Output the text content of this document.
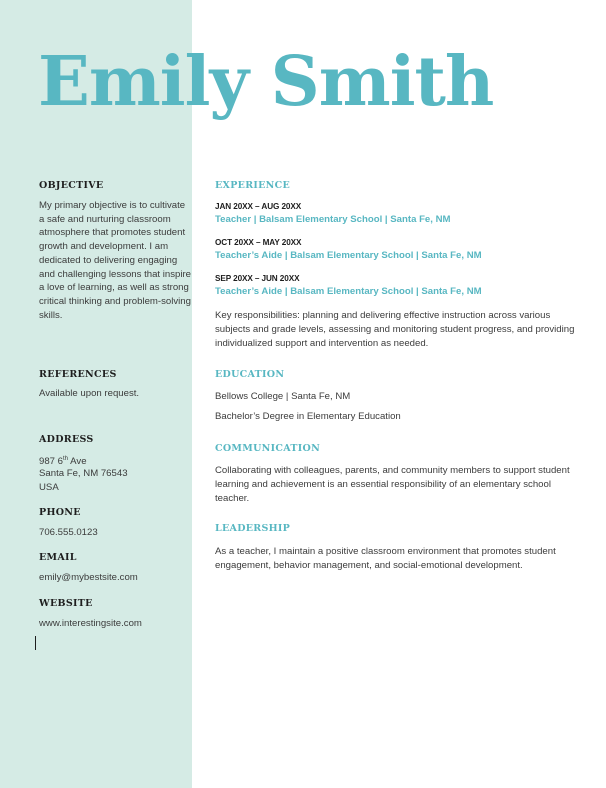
Emily Smith
OBJECTIVE

My primary objective is to cultivate a safe and nurturing classroom atmosphere that promotes student growth and development. I am dedicated to delivering engaging and challenging lessons that inspire a love of learning, as well as strong critical thinking and problem-solving skills.

REFERENCES

Available upon request.

ADDRESS

987 6th Ave

Santa Fe, NM 76543

USA

PHONE

706.555.0123

EMAIL

emily@mybestsite.com

WEBSITE

www.interestingsite.com

EXPERIENCE

JAN 20XX – AUG 20XX

Teacher | Balsam Elementary School | Santa Fe, NM

OCT 20XX – MAY 20XX

Teacher’s Aide | Balsam Elementary School | Santa Fe, NM

SEP 20XX – JUN 20XX

Teacher’s Aide | Balsam Elementary School | Santa Fe, NM

Key responsibilities: planning and delivering effective instruction across various subjects and grade levels, assessing and monitoring student progress, and providing individualized support and intervention as needed.

EDUCATION

Bellows College | Santa Fe, NM

Bachelor’s Degree in Elementary Education

COMMUNICATION

Collaborating with colleagues, parents, and community members to support student learning and achievement is an essential responsibility of an elementary school teacher.

LEADERSHIP

As a teacher, I maintain a positive classroom environment that promotes student engagement, behavior management, and social-emotional development.
